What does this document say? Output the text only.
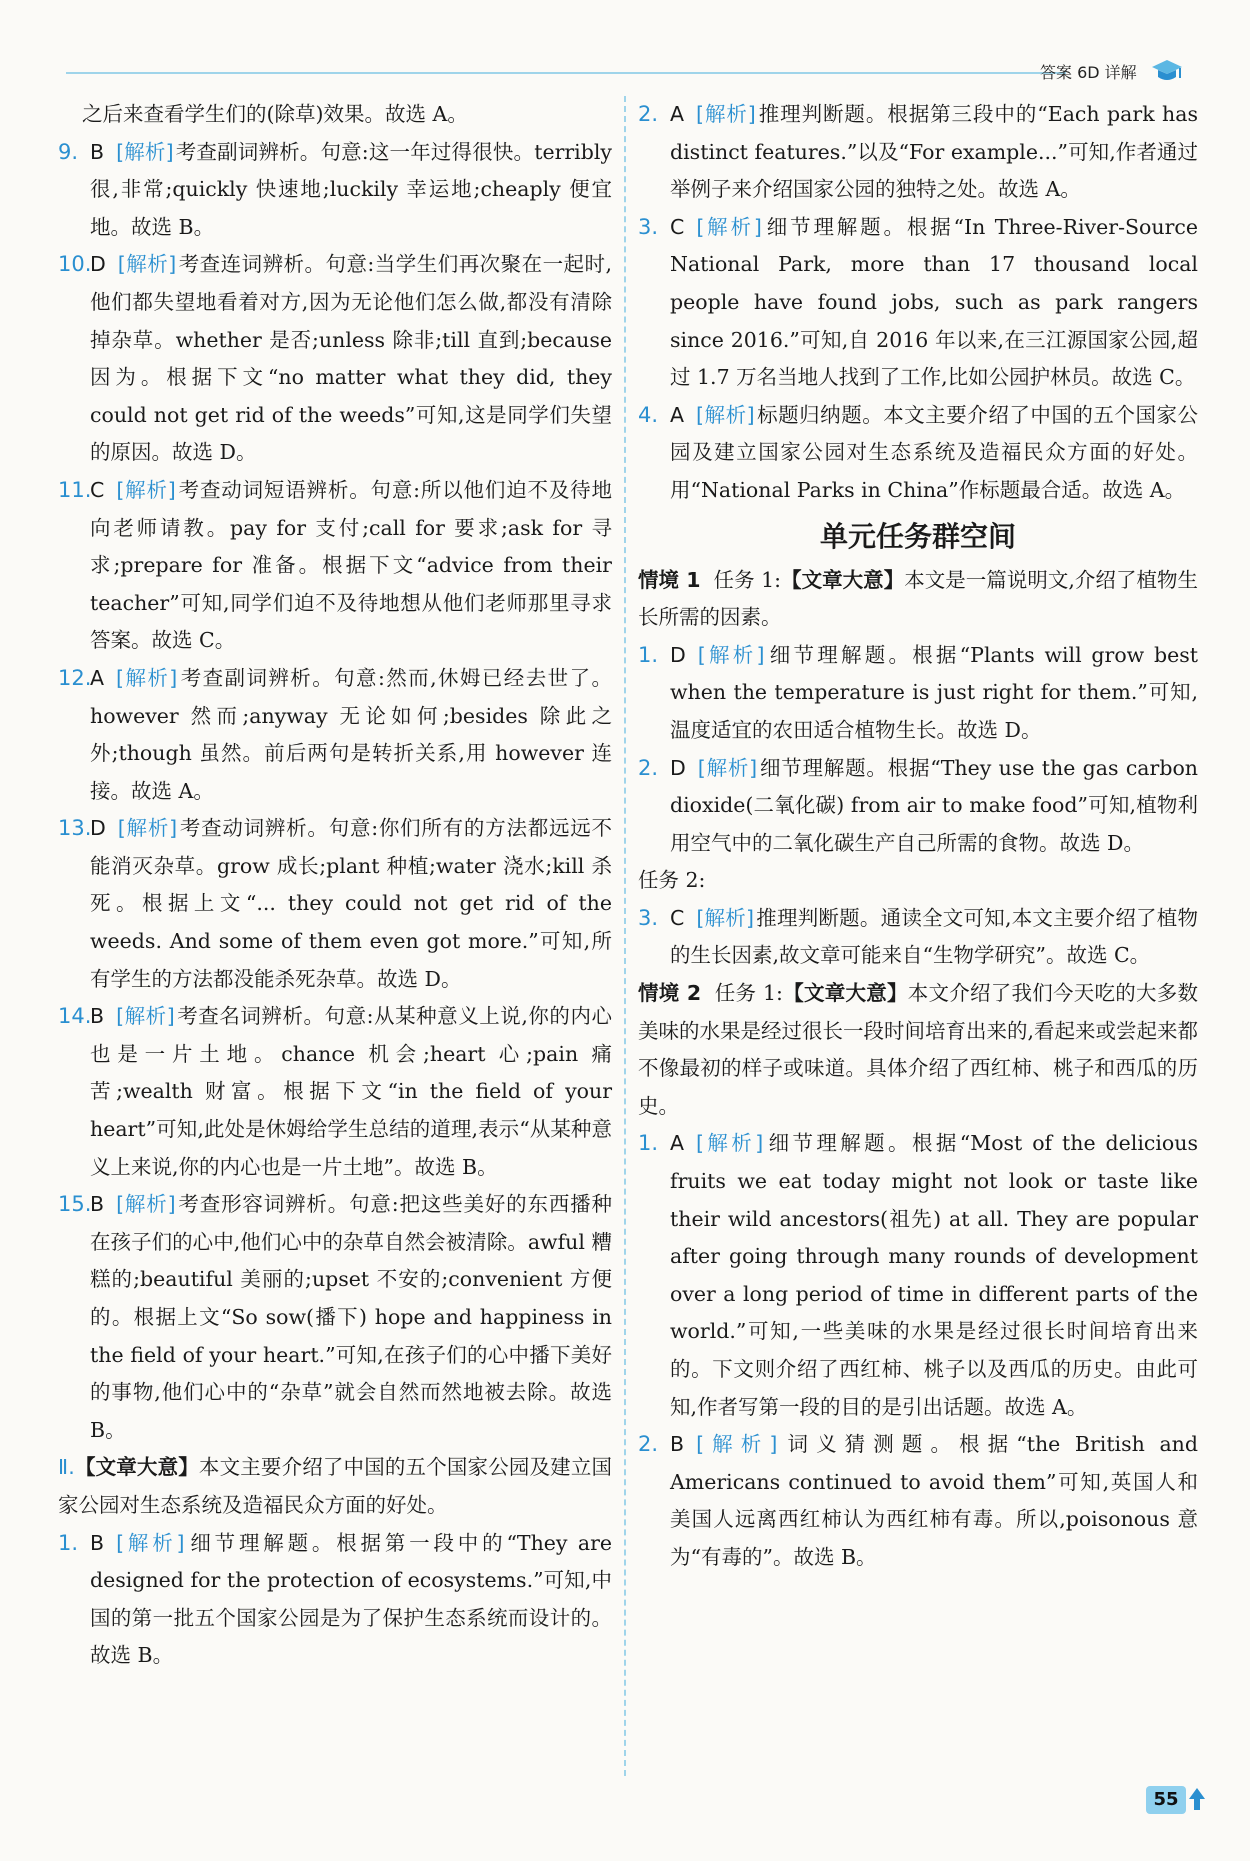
答案 6D 详解
之后来查看学生们的(除草)效果。故选 A。
9. B [解析]考查副词辨析。句意:这一年过得很快。terribly 很,非常;quickly 快速地;luckily 幸运地;cheaply 便宜地。故选 B。
10.
D [解析]考查连词辨析。句意:当学生们再次聚在一起时,他们都失望地看着对方,因为无论他们怎么做,都没有清除掉杂草。whether 是否;unless 除非;till 直到;because 因为。根据下文“no matter what they did, they could not get rid of the weeds”可知,这是同学们失望的原因。故选 D。
11.
C [解析]考查动词短语辨析。句意:所以他们迫不及待地向老师请教。pay for 支付;call for 要求;ask for 寻求;prepare for 准备。根据下文“advice from their teacher”可知,同学们迫不及待地想从他们老师那里寻求答案。故选 C。
12.
A [解析]考查副词辨析。句意:然而,休姆已经去世了。however 然而;anyway 无论如何;besides 除此之外;though 虽然。前后两句是转折关系,用 however 连接。故选 A。
13.
D [解析]考查动词辨析。句意:你们所有的方法都远远不能消灭杂草。grow 成长;plant 种植;water 浇水;kill 杀死。根据上文“... they could not get rid of the weeds. And some of them even got more.”可知,所有学生的方法都没能杀死杂草。故选 D。
14.
B [解析]考查名词辨析。句意:从某种意义上说,你的内心也是一片土地。chance 机会;heart 心;pain 痛苦;wealth 财富。根据下文“in the field of your heart”可知,此处是休姆给学生总结的道理,表示“从某种意义上来说,你的内心也是一片土地”。故选 B。
15.
B [解析]考查形容词辨析。句意:把这些美好的东西播种在孩子们的心中,他们心中的杂草自然会被清除。awful 糟糕的;beautiful 美丽的;upset 不安的;convenient 方便的。根据上文“So sow(播下) hope and happiness in the field of your heart.”可知,在孩子们的心中播下美好的事物,他们心中的“杂草”就会自然而然地被去除。故选 B。
Ⅱ.【文章大意】本文主要介绍了中国的五个国家公园及建立国家公园对生态系统及造福民众方面的好处。
1. B [解析]细节理解题。根据第一段中的“They are designed for the protection of ecosystems.”可知,中国的第一批五个国家公园是为了保护生态系统而设计的。故选 B。
2. A [解析]推理判断题。根据第三段中的“Each park has distinct features.”以及“For example...”可知,作者通过举例子来介绍国家公园的独特之处。故选 A。
3. C [解析]细节理解题。根据“In Three-River-Source National Park, more than 17 thousand local people have found jobs, such as park rangers since 2016.”可知,自 2016 年以来,在三江源国家公园,超过 1.7 万名当地人找到了工作,比如公园护林员。故选 C。
4. A [解析]标题归纳题。本文主要介绍了中国的五个国家公园及建立国家公园对生态系统及造福民众方面的好处。用“National Parks in China”作标题最合适。故选 A。
单元任务群空间
情境 1 任务 1:【文章大意】本文是一篇说明文,介绍了植物生长所需的因素。
1. D [解析]细节理解题。根据“Plants will grow best when the temperature is just right for them.”可知,温度适宜的农田适合植物生长。故选 D。
2. D [解析]细节理解题。根据“They use the gas carbon dioxide(二氧化碳) from air to make food”可知,植物利用空气中的二氧化碳生产自己所需的食物。故选 D。
任务 2:
3. C [解析]推理判断题。通读全文可知,本文主要介绍了植物的生长因素,故文章可能来自“生物学研究”。故选 C。
情境 2 任务 1:【文章大意】本文介绍了我们今天吃的大多数美味的水果是经过很长一段时间培育出来的,看起来或尝起来都不像最初的样子或味道。具体介绍了西红柿、桃子和西瓜的历史。
1. A [解析]细节理解题。根据“Most of the delicious fruits we eat today might not look or taste like their wild ancestors(祖先) at all. They are popular after going through many rounds of development over a long period of time in different parts of the world.”可知,一些美味的水果是经过很长时间培育出来的。下文则介绍了西红柿、桃子以及西瓜的历史。由此可知,作者写第一段的目的是引出话题。故选 A。
2. B [解析]词义猜测题。根据“the British and Americans continued to avoid them”可知,英国人和美国人远离西红柿认为西红柿有毒。所以,poisonous 意为“有毒的”。故选 B。
55
